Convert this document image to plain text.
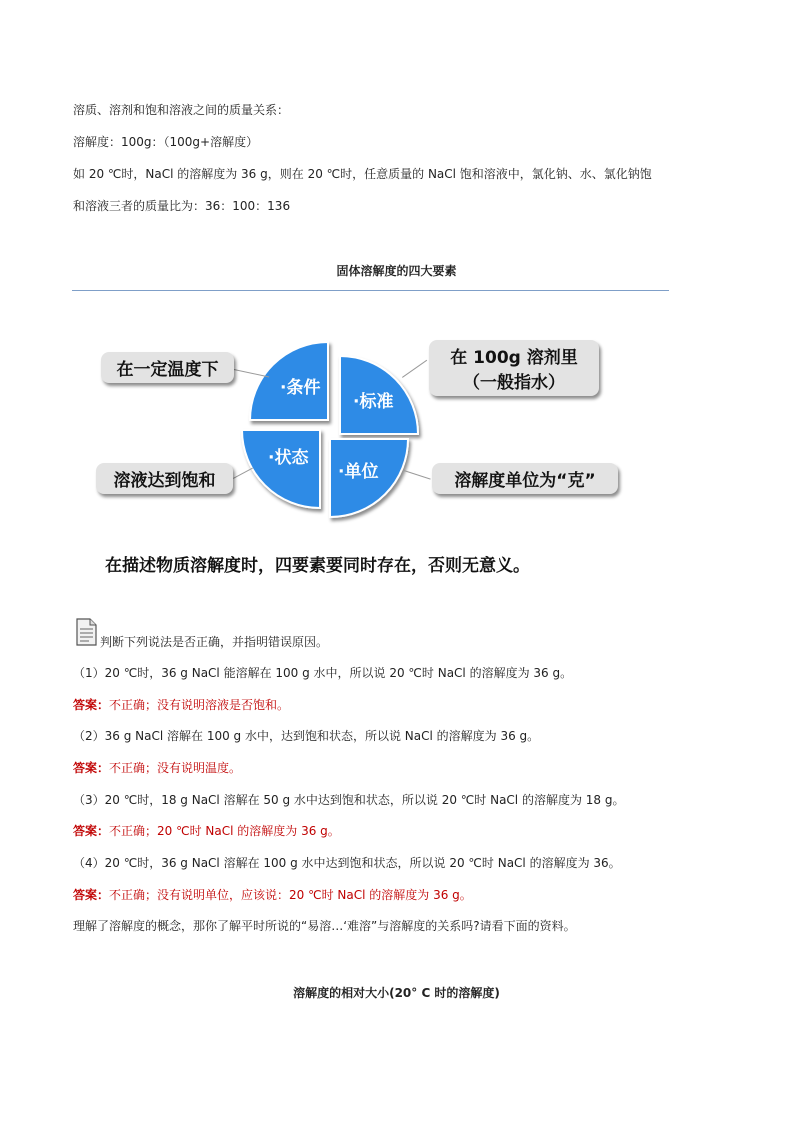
溶质、溶剂和饱和溶液之间的质量关系：
溶解度：100g：（100g+溶解度）
如 20 ℃时，NaCl 的溶解度为 36 g，则在 20 ℃时，任意质量的 NaCl 饱和溶液中，氯化钠、水、氯化钠饱
和溶液三者的质量比为：36：100：136
固体溶解度的四大要素
·条件
·标准
·状态
·单位
在一定温度下
在 100g 溶剂里
（一般指水）
溶液达到饱和	溶解度单位为“克”
在描述物质溶解度时，四要素要同时存在，否则无意义。
判断下列说法是否正确，并指明错误原因。
（1）20 ℃时，36 g NaCl 能溶解在 100 g 水中，所以说 20 ℃时 NaCl 的溶解度为 36 g。
答案：不正确；没有说明溶液是否饱和。
（2）36 g NaCl 溶解在 100 g 水中，达到饱和状态，所以说 NaCl 的溶解度为 36 g。
答案：不正确；没有说明温度。
（3）20 ℃时，18 g NaCl 溶解在 50 g 水中达到饱和状态，所以说 20 ℃时 NaCl 的溶解度为 18 g。
答案：不正确；20 ℃时 NaCl 的溶解度为 36 g。
（4）20 ℃时，36 g NaCl 溶解在 100 g 水中达到饱和状态，所以说 20 ℃时 NaCl 的溶解度为 36。
答案：不正确；没有说明单位，应该说：20 ℃时 NaCl 的溶解度为 36 g。
理解了溶解度的概念，那你了解平时所说的“易溶…‘难溶”与溶解度的关系吗?请看下面的资料。
溶解度的相对大小(20° C 时的溶解度)
